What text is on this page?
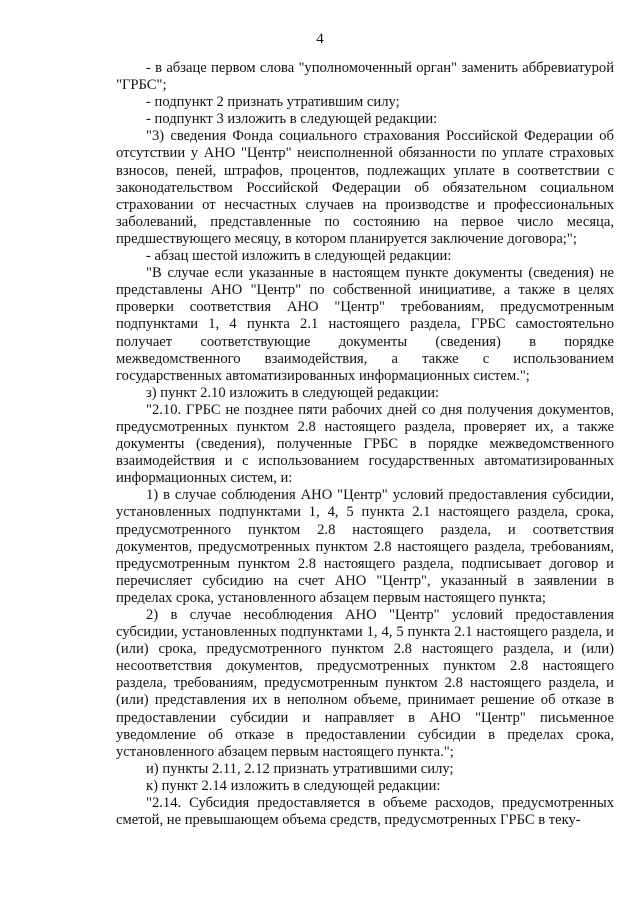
4

- в абзаце первом слова "уполномоченный орган" заменить аббревиатурой "ГРБС";

- подпункт 2 признать утратившим силу;

- подпункт 3 изложить в следующей редакции:

"3) сведения Фонда социального страхования Российской Федерации об отсутствии у АНО "Центр" неисполненной обязанности по уплате страховых взносов, пеней, штрафов, процентов, подлежащих уплате в соответствии с законодательством Российской Федерации об обязательном социальном страховании от несчастных случаев на производстве и профессиональных заболеваний, представленные по состоянию на первое число месяца, предшествующего месяцу, в котором планируется заключение договора;";

- абзац шестой изложить в следующей редакции:

"В случае если указанные в настоящем пункте документы (сведения) не представлены АНО "Центр" по собственной инициативе, а также в целях проверки соответствия АНО "Центр" требованиям, предусмотренным подпунктами 1, 4 пункта 2.1 настоящего раздела, ГРБС самостоятельно получает соответствующие документы (сведения) в порядке межведомственного взаимодействия, а также с использованием государственных автоматизированных информационных систем.";

з) пункт 2.10 изложить в следующей редакции:

"2.10. ГРБС не позднее пяти рабочих дней со дня получения документов, предусмотренных пунктом 2.8 настоящего раздела, проверяет их, а также документы (сведения), полученные ГРБС в порядке межведомственного взаимодействия и с использованием государственных автоматизированных информационных систем, и:

1) в случае соблюдения АНО "Центр" условий предоставления субсидии, установленных подпунктами 1, 4, 5 пункта 2.1 настоящего раздела, срока, предусмотренного пунктом 2.8 настоящего раздела, и соответствия документов, предусмотренных пунктом 2.8 настоящего раздела, требованиям, предусмотренным пунктом 2.8 настоящего раздела, подписывает договор и перечисляет субсидию на счет АНО "Центр", указанный в заявлении в пределах срока, установленного абзацем первым настоящего пункта;

2) в случае несоблюдения АНО "Центр" условий предоставления субсидии, установленных подпунктами 1, 4, 5 пункта 2.1 настоящего раздела, и (или) срока, предусмотренного пунктом 2.8 настоящего раздела, и (или) несоответствия документов, предусмотренных пунктом 2.8 настоящего раздела, требованиям, предусмотренным пунктом 2.8 настоящего раздела, и (или) представления их в неполном объеме, принимает решение об отказе в предоставлении субсидии и направляет в АНО "Центр" письменное уведомление об отказе в предоставлении субсидии в пределах срока, установленного абзацем первым настоящего пункта.";

и) пункты 2.11, 2.12 признать утратившими силу;

к) пункт 2.14 изложить в следующей редакции:

"2.14. Субсидия предоставляется в объеме расходов, предусмотренных сметой, не превышающем объема средств, предусмотренных ГРБС в теку-
